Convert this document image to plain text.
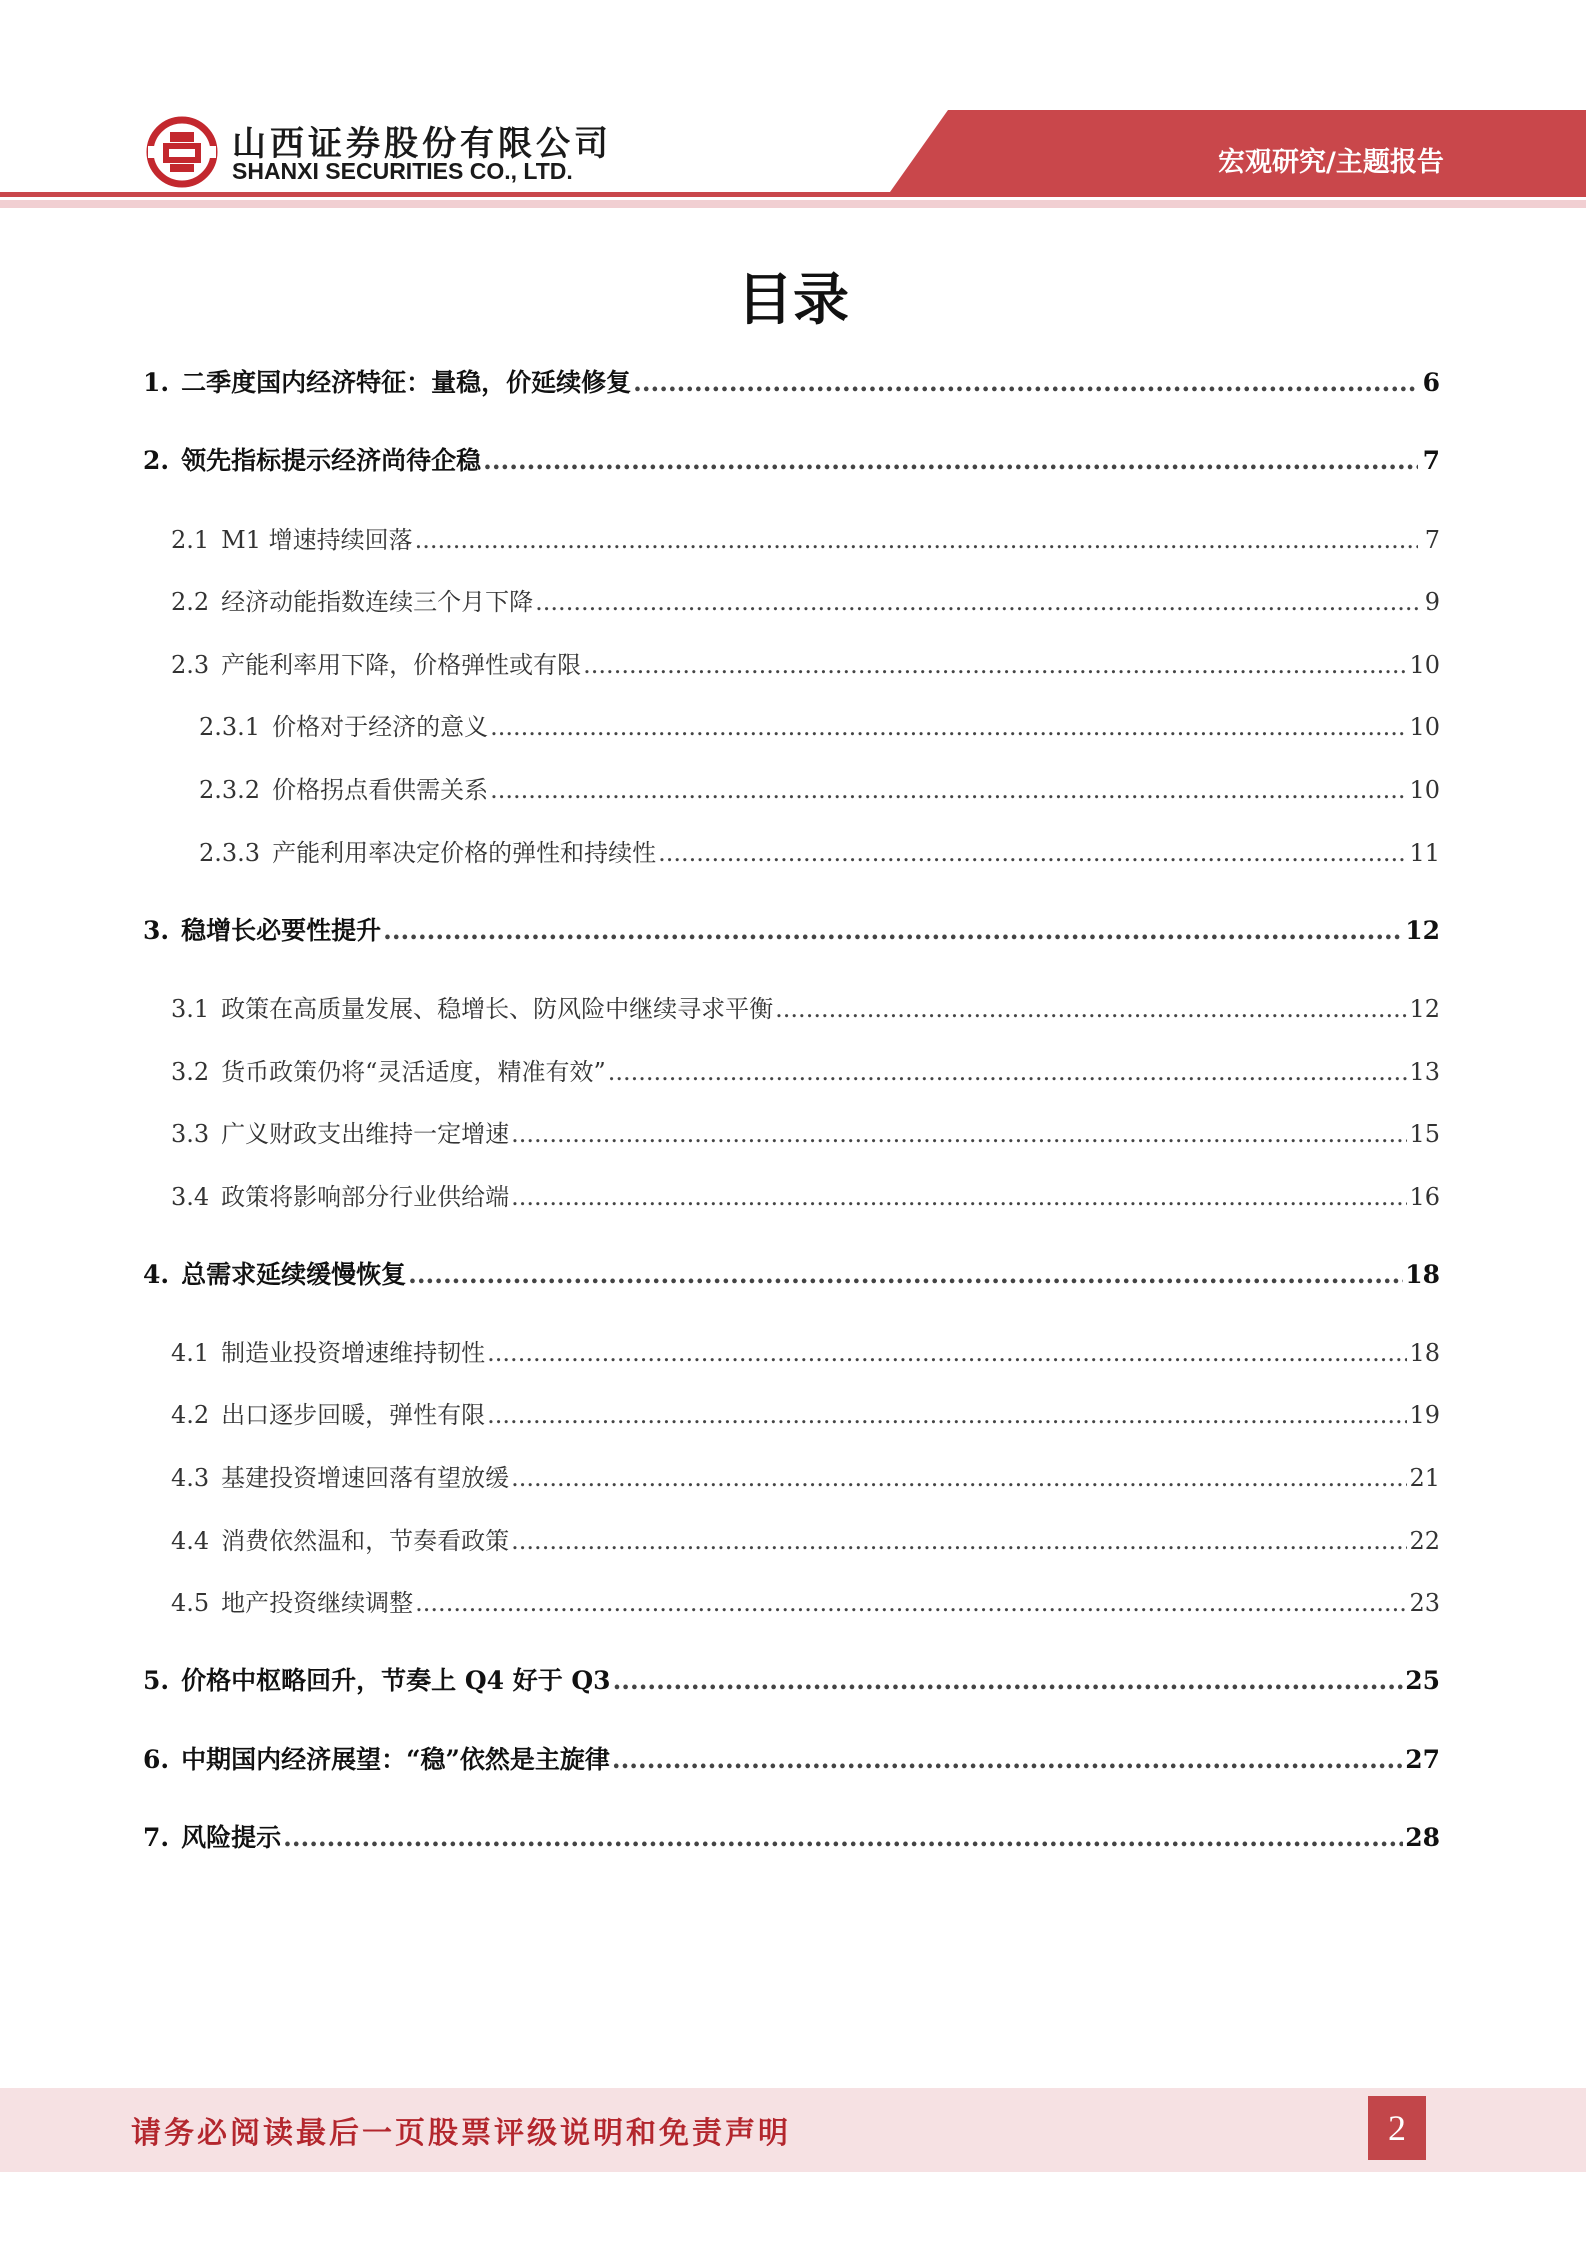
山西证券股份有限公司
SHANXI SECURITIES CO., LTD.	宏观研究/主题报告
目录
1. 二季度国内经济特征：量稳，价延续修复 .....	6
2. 领先指标提示经济尚待企稳 .....	7
2.1 M1 增速持续回落 .....	7
2.2 经济动能指数连续三个月下降 .....	9
2.3 产能利率用下降，价格弹性或有限 .....	10
2.3.1 价格对于经济的意义 .....	10
2.3.2 价格拐点看供需关系 .....	10
2.3.3 产能利用率决定价格的弹性和持续性 .....	11
3. 稳增长必要性提升 .....	12
3.1 政策在高质量发展、稳增长、防风险中继续寻求平衡 .....	12
3.2 货币政策仍将“灵活适度，精准有效” .....	13
3.3 广义财政支出维持一定增速 .....	15
3.4 政策将影响部分行业供给端 .....	16
4. 总需求延续缓慢恢复 .....	18
4.1 制造业投资增速维持韧性 .....	18
4.2 出口逐步回暖，弹性有限 .....	19
4.3 基建投资增速回落有望放缓 .....	21
4.4 消费依然温和，节奏看政策 .....	22
4.5 地产投资继续调整 .....	23
5. 价格中枢略回升，节奏上 Q4 好于 Q3 .....	25
6. 中期国内经济展望：“稳”依然是主旋律 .....	27
7. 风险提示 .....	28
请务必阅读最后一页股票评级说明和免责声明	2
